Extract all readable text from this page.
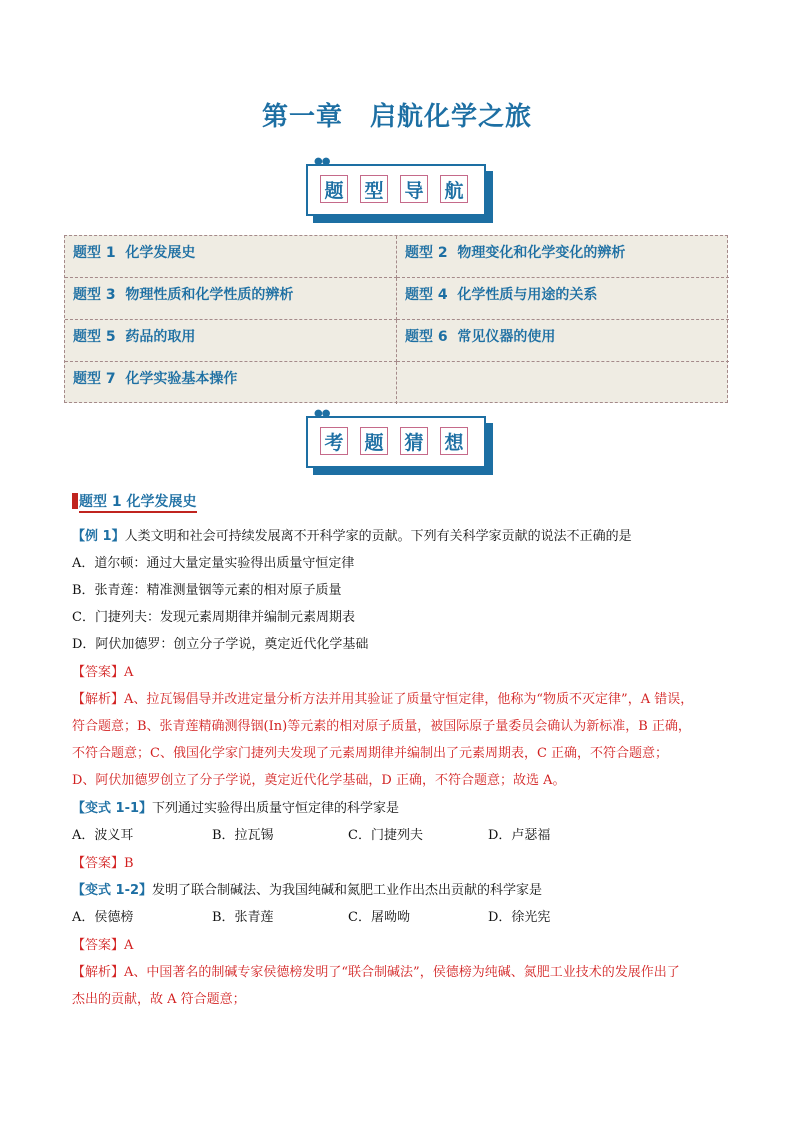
第一章　启航化学之旅
●●
题 型 导 航
题型 1 化学发展史	题型 2 物理变化和化学变化的辨析
题型 3 物理性质和化学性质的辨析	题型 4 化学性质与用途的关系
题型 5 药品的取用	题型 6 常见仪器的使用
题型 7 化学实验基本操作
●●
考 题 猜 想
题型 1 化学发展史
【例 1】人类文明和社会可持续发展离不开科学家的贡献。下列有关科学家贡献的说法不正确的是
A．道尔顿：通过大量定量实验得出质量守恒定律
B．张青莲：精准测量铟等元素的相对原子质量
C．门捷列夫：发现元素周期律并编制元素周期表
D．阿伏加德罗：创立分子学说，奠定近代化学基础
【答案】A
【解析】A、拉瓦锡倡导并改进定量分析方法并用其验证了质量守恒定律，他称为“物质不灭定律”，A 错误，
符合题意；B、张青莲精确测得铟(In)等元素的相对原子质量，被国际原子量委员会确认为新标准，B 正确，
不符合题意；C、俄国化学家门捷列夫发现了元素周期律并编制出了元素周期表，C 正确，不符合题意；
D、阿伏加德罗创立了分子学说，奠定近代化学基础，D 正确，不符合题意；故选 A。
【变式 1-1】下列通过实验得出质量守恒定律的科学家是
A．波义耳	B．拉瓦锡	C．门捷列夫	D．卢瑟福
【答案】B
【变式 1-2】发明了联合制碱法、为我国纯碱和氮肥工业作出杰出贡献的科学家是
A．侯德榜	B．张青莲	C．屠呦呦	D．徐光宪
【答案】A
【解析】A、中国著名的制碱专家侯德榜发明了“联合制碱法”，侯德榜为纯碱、氮肥工业技术的发展作出了
杰出的贡献，故 A 符合题意；
